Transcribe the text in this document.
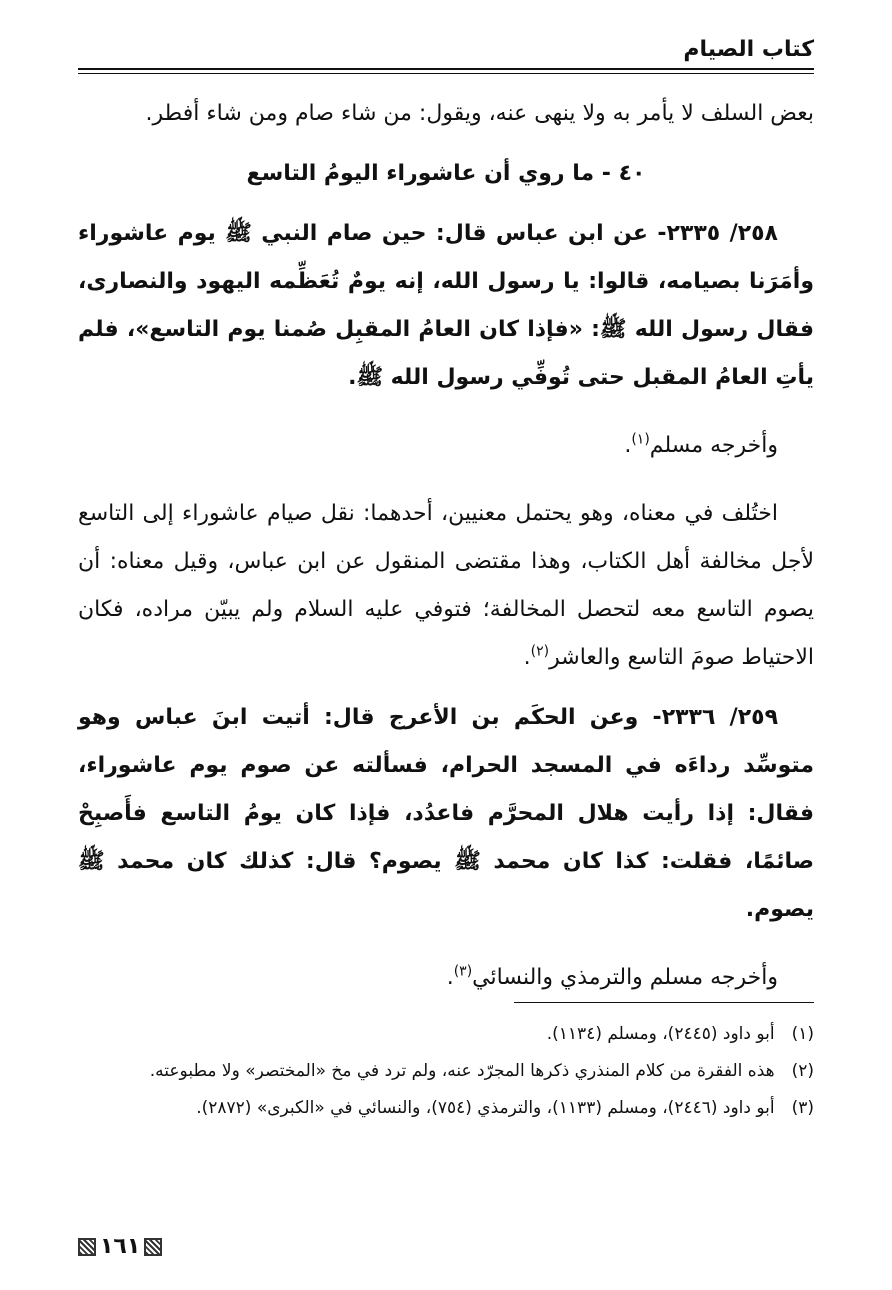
كتاب الصيام

بعض السلف لا يأمر به ولا ينهى عنه، ويقول: من شاء صام ومن شاء أفطر.

٤٠ - ما روي أن عاشوراء اليومُ التاسع

٢٥٨/ ٢٣٣٥- عن ابن عباس قال: حين صام النبي ﷺ يوم عاشوراء وأمَرَنا بصيامه، قالوا: يا رسول الله، إنه يومٌ تُعَظِّمه اليهود والنصارى، فقال رسول الله ﷺ: «فإذا كان العامُ المقبِل صُمنا يوم التاسع»، فلم يأتِ العامُ المقبل حتى تُوفِّي رسول الله ﷺ.

وأخرجه مسلم$^{(١)}$.

اختُلف في معناه، وهو يحتمل معنيين، أحدهما: نقل صيام عاشوراء إلى التاسع لأجل مخالفة أهل الكتاب، وهذا مقتضى المنقول عن ابن عباس، وقيل معناه: أن يصوم التاسع معه لتحصل المخالفة؛ فتوفي عليه السلام ولم يبيّن مراده، فكان الاحتياط صومَ التاسع والعاشر$^{(٢)}$.

٢٥٩/ ٢٣٣٦- وعن الحكَم بن الأعرج قال: أتيت ابنَ عباس وهو متوسِّد رداءَه في المسجد الحرام، فسألته عن صوم يوم عاشوراء، فقال: إذا رأيت هلال المحرَّم فاعدُد، فإذا كان يومُ التاسع فأَصبِحْ صائمًا، فقلت: كذا كان محمد ﷺ يصوم؟ قال: كذلك كان محمد ﷺ يصوم.

وأخرجه مسلم والترمذي والنسائي$^{(٣)}$.

(١) أبو داود (٢٤٤٥)، ومسلم (١١٣٤).

(٢) هذه الفقرة من كلام المنذري ذكرها المجرّد عنه، ولم ترد في مخ «المختصر» ولا مطبوعته.

(٣) أبو داود (٢٤٤٦)، ومسلم (١١٣٣)، والترمذي (٧٥٤)، والنسائي في «الكبرى» (٢٨٧٢).

١٦١
